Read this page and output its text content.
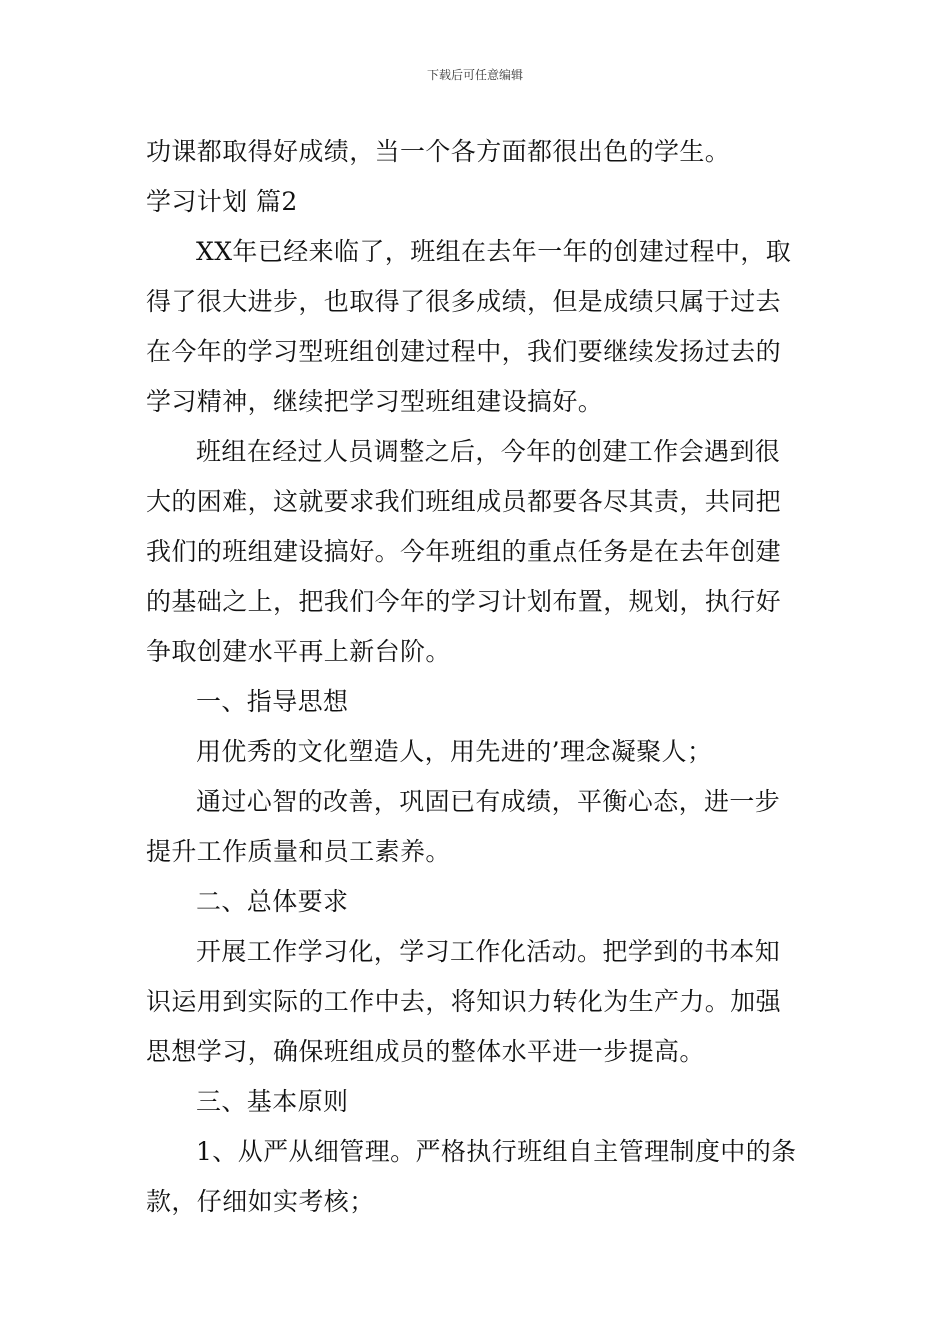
下载后可任意编辑
功课都取得好成绩，当一个各方面都很出色的学生。
学习计划 篇2
XX年已经来临了，班组在去年一年的创建过程中，取
得了很大进步，也取得了很多成绩，但是成绩只属于过去
在今年的学习型班组创建过程中，我们要继续发扬过去的
学习精神，继续把学习型班组建设搞好。
班组在经过人员调整之后，今年的创建工作会遇到很
大的困难，这就要求我们班组成员都要各尽其责，共同把
我们的班组建设搞好。今年班组的重点任务是在去年创建
的基础之上，把我们今年的学习计划布置，规划，执行好
争取创建水平再上新台阶。
一、指导思想
用优秀的文化塑造人，用先进的’理念凝聚人；
通过心智的改善，巩固已有成绩，平衡心态，进一步
提升工作质量和员工素养。
二、总体要求
开展工作学习化，学习工作化活动。把学到的书本知
识运用到实际的工作中去，将知识力转化为生产力。加强
思想学习，确保班组成员的整体水平进一步提高。
三、基本原则
1、从严从细管理。严格执行班组自主管理制度中的条
款，仔细如实考核；
